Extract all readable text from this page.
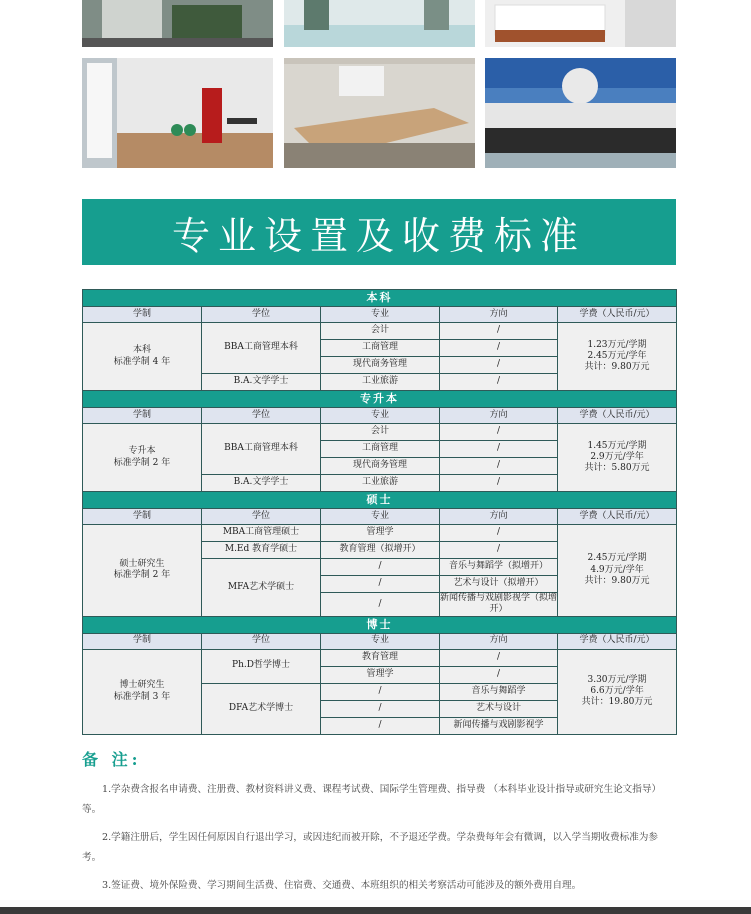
专业设置及收费标准
本科				
学制	学位	专业	方向	学费（人民币/元）
本科
标准学制 4 年	BBA工商管理本科	会计	/	1.23万元/学期
2.45万元/学年
共计：9.80万元
		工商管理	/	
		现代商务管理	/	
	B.A.文学学士	工业旅游	/	
专升本				
学制	学位	专业	方向	学费（人民币/元）
专升本
标准学制 2 年	BBA工商管理本科	会计	/	1.45万元/学期
2.9万元/学年
共计：5.80万元
		工商管理	/	
		现代商务管理	/	
	B.A.文学学士	工业旅游	/	
硕士				
学制	学位	专业	方向	学费（人民币/元）
硕士研究生
标准学制 2 年	MBA工商管理硕士	管理学	/	2.45万元/学期
4.9万元/学年
共计：9.80万元
	M.Ed 教育学硕士	教育管理（拟增开）	/	
	MFA艺术学硕士	/	音乐与舞蹈学（拟增开）	
		/	艺术与设计（拟增开）	
		/	新闻传播与戏剧影视学（拟增开）	
博士				
学制	学位	专业	方向	学费（人民币/元）
博士研究生
标准学制 3 年	Ph.D哲学博士	教育管理	/	3.30万元/学期
6.6万元/学年
共计：19.80万元
		管理学	/	
	DFA艺术学博士	/	音乐与舞蹈学	
		/	艺术与设计	
		/	新闻传播与戏剧影视学	
备 注:

1.学杂费含报名申请费、注册费、教材资料讲义费、课程考试费、国际学生管理费、指导费 （本科毕业设计指导或研究生论文指导）等。

2.学籍注册后，学生因任何原因自行退出学习，或因违纪而被开除，不予退还学费。学杂费每年会有微调，以入学当期收费标准为参考。

3.签证费、境外保险费、学习期间生活费、住宿费、交通费、本班组织的相关考察活动可能涉及的额外费用自理。
